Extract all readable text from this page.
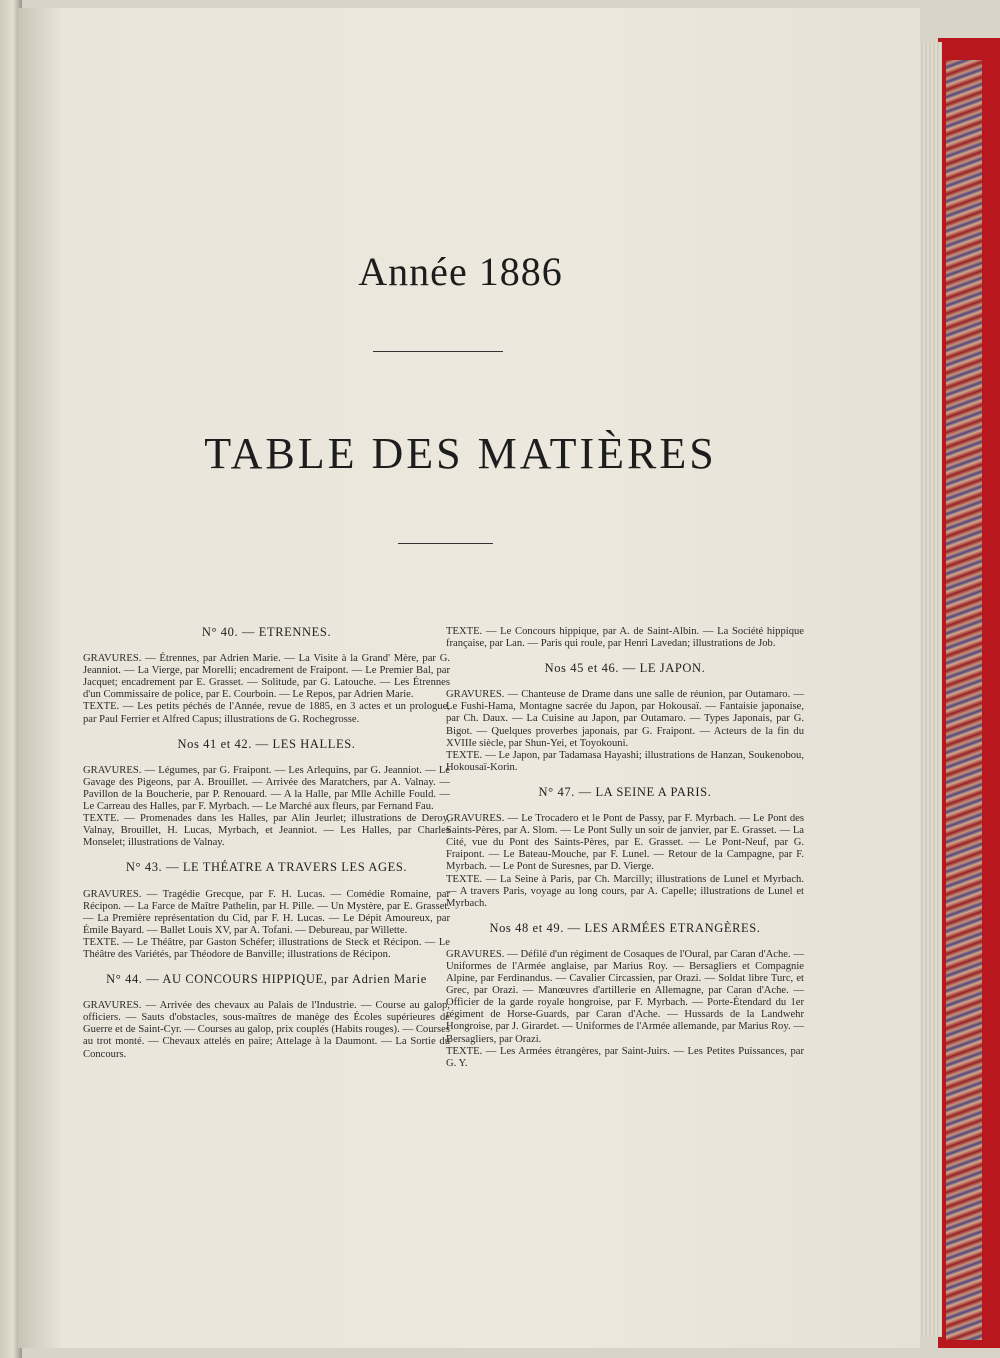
Année 1886
TABLE DES MATIÈRES
N° 40. — ETRENNES.

GRAVURES. — Étrennes, par Adrien Marie. — La Visite à la Grand' Mère, par G. Jeanniot. — La Vierge, par Morelli; encadrement de Fraipont. — Le Premier Bal, par Jacquet; encadrement par E. Grasset. — Solitude, par G. Latouche. — Les Étrennes d'un Commissaire de police, par E. Courboin. — Le Repos, par Adrien Marie.

TEXTE. — Les petits péchés de l'Année, revue de 1885, en 3 actes et un prologue, par Paul Ferrier et Alfred Capus; illustrations de G. Rochegrosse.

Nos 41 et 42. — LES HALLES.

GRAVURES. — Légumes, par G. Fraipont. — Les Arlequins, par G. Jeanniot. — Le Gavage des Pigeons, par A. Brouillet. — Arrivée des Maratchers, par A. Valnay. — Pavillon de la Boucherie, par P. Renouard. — A la Halle, par Mlle Achille Fould. — Le Carreau des Halles, par F. Myrbach. — Le Marché aux fleurs, par Fernand Fau.

TEXTE. — Promenades dans les Halles, par Alin Jeurlet; illustrations de Deroy, Valnay, Brouillet, H. Lucas, Myrbach, et Jeanniot. — Les Halles, par Charles Monselet; illustrations de Valnay.

N° 43. — LE THÉATRE A TRAVERS LES AGES.

GRAVURES. — Tragédie Grecque, par F. H. Lucas. — Comédie Romaine, par Récipon. — La Farce de Maître Pathelin, par H. Pille. — Un Mystère, par E. Grasset. — La Première représentation du Cid, par F. H. Lucas. — Le Dépit Amoureux, par Émile Bayard. — Ballet Louis XV, par A. Tofani. — Debureau, par Willette.

TEXTE. — Le Théâtre, par Gaston Schéfer; illustrations de Steck et Récipon. — Le Théâtre des Variétés, par Théodore de Banville; illustrations de Récipon.

N° 44. — AU CONCOURS HIPPIQUE, par Adrien Marie

GRAVURES. — Arrivée des chevaux au Palais de l'Industrie. — Course au galop, officiers. — Sauts d'obstacles, sous-maîtres de manège des Écoles supérieures de Guerre et de Saint-Cyr. — Courses au galop, prix couplés (Habits rouges). — Courses au trot monté. — Chevaux attelés en paire; Attelage à la Daumont. — La Sortie du Concours.

TEXTE. — Le Concours hippique, par A. de Saint-Albin. — La Société hippique française, par Lan. — Paris qui roule, par Henri Lavedan; illustrations de Job.

Nos 45 et 46. — LE JAPON.

GRAVURES. — Chanteuse de Drame dans une salle de réunion, par Outamaro. — Le Fushi-Hama, Montagne sacrée du Japon, par Hokousaï. — Fantaisie japonaise, par Ch. Daux. — La Cuisine au Japon, par Outamaro. — Types Japonais, par G. Bigot. — Quelques proverbes japonais, par G. Fraipont. — Acteurs de la fin du XVIIIe siècle, par Shun-Yei, et Toyokouni.

TEXTE. — Le Japon, par Tadamasa Hayashi; illustrations de Hanzan, Soukenobou, Hokousaï-Korin.

N° 47. — LA SEINE A PARIS.

GRAVURES. — Le Trocadero et le Pont de Passy, par F. Myrbach. — Le Pont des Saints-Pères, par A. Slom. — Le Pont Sully un soir de janvier, par E. Grasset. — La Cité, vue du Pont des Saints-Pères, par E. Grasset. — Le Pont-Neuf, par G. Fraipont. — Le Bateau-Mouche, par F. Lunel. — Retour de la Campagne, par F. Myrbach. — Le Pont de Suresnes, par D. Vierge.

TEXTE. — La Seine à Paris, par Ch. Marcilly; illustrations de Lunel et Myrbach. — A travers Paris, voyage au long cours, par A. Capelle; illustrations de Lunel et Myrbach.

Nos 48 et 49. — LES ARMÉES ETRANGÈRES.

GRAVURES. — Défilé d'un régiment de Cosaques de l'Oural, par Caran d'Ache. — Uniformes de l'Armée anglaise, par Marius Roy. — Bersagliers et Compagnie Alpine, par Ferdinandus. — Cavalier Circassien, par Orazi. — Soldat libre Turc, et Grec, par Orazi. — Manœuvres d'artillerie en Allemagne, par Caran d'Ache. — Officier de la garde royale hongroise, par F. Myrbach. — Porte-Étendard du 1er régiment de Horse-Guards, par Caran d'Ache. — Hussards de la Landwehr Hongroise, par J. Girardet. — Uniformes de l'Armée allemande, par Marius Roy. — Bersagliers, par Orazi.

TEXTE. — Les Armées étrangères, par Saint-Juirs. — Les Petites Puissances, par G. Y.
